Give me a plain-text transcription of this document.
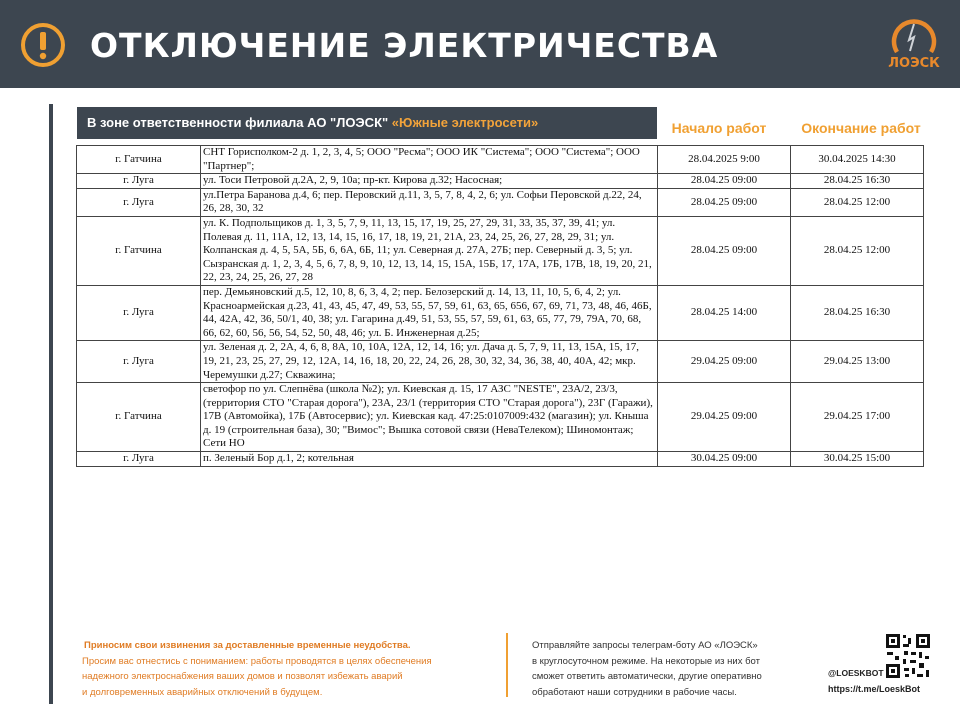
ОТКЛЮЧЕНИЕ ЭЛЕКТРИЧЕСТВА	ЛОЭСК
В зоне ответственности филиала АО "ЛОЭСК" «Южные электросети»	Начало работ	Окончание работ
г. Гатчина	СНТ Горисполком-2 д. 1, 2, 3, 4, 5; ООО "Ресма"; ООО ИК "Система"; ООО "Система"; ООО "Партнер";	28.04.2025 9:00	30.04.2025 14:30
г. Луга	ул. Тоси Петровой д.2А, 2, 9, 10а; пр-кт. Кирова д.32; Насосная;	28.04.25 09:00	28.04.25 16:30
г. Луга	ул.Петра Баранова д.4, 6; пер. Перовский д.11, 3, 5, 7, 8, 4, 2, 6; ул. Софьи Перовской д.22, 24, 26, 28, 30, 32	28.04.25 09:00	28.04.25 12:00
г. Гатчина	ул. К. Подпольщиков д. 1, 3, 5, 7, 9, 11, 13, 15, 17, 19, 25, 27, 29, 31, 33, 35, 37, 39, 41; ул. Полевая д. 11, 11А, 12, 13, 14, 15, 16, 17, 18, 19, 21, 21А, 23, 24, 25, 26, 27, 28, 29, 31; ул. Колпанская д. 4, 5, 5А, 5Б, 6, 6А, 6Б, 11; ул. Северная д. 27А, 27Б; пер. Северный д. 3, 5; ул. Сызранская д. 1, 2, 3, 4, 5, 6, 7, 8, 9, 10, 12, 13, 14, 15, 15А, 15Б, 17, 17А, 17Б, 17В, 18, 19, 20, 21, 22, 23, 24, 25, 26, 27, 28	28.04.25 09:00	28.04.25 12:00
г. Луга	пер. Демьяновский д.5, 12, 10, 8, 6, 3, 4, 2; пер. Белозерский д. 14, 13, 11, 10, 5, 6, 4, 2; ул. Красноармейская д.23, 41, 43, 45, 47, 49, 53, 55, 57, 59, 61, 63, 65, 656, 67, 69, 71, 73, 48, 46, 46Б, 44, 42А, 42, 36, 50/1, 40, 38; ул. Гагарина д.49, 51, 53, 55, 57, 59, 61, 63, 65, 77, 79, 79А, 70, 68, 66, 62, 60, 56, 56, 54, 52, 50, 48, 46; ул. Б. Инженерная д.25;	28.04.25 14:00	28.04.25 16:30
г. Луга	ул. Зеленая д. 2, 2А, 4, 6, 8, 8А, 10, 10А, 12А, 12, 14, 16; ул. Дача д. 5, 7, 9, 11, 13, 15А, 15, 17, 19, 21, 23, 25, 27, 29, 12, 12А, 14, 16, 18, 20, 22, 24, 26, 28, 30, 32, 34, 36, 38, 40, 40А, 42; мкр. Черемушки д.27; Скважина;	29.04.25 09:00	29.04.25 13:00
г. Гатчина	светофор по ул. Слепнёва (школа №2); ул. Киевская д. 15, 17 АЗС "NESTE", 23А/2, 23/3, (территория СТО "Старая дорога"), 23А, 23/1 (территория СТО "Старая дорога"), 23Г (Гаражи), 17В (Автомойка), 17Б (Автосервис); ул. Киевская кад. 47:25:0107009:432 (магазин); ул. Кныша д. 19 (строительная база), 30; "Вимос"; Вышка сотовой связи (НеваТелеком); Шиномонтаж; Сети НО	29.04.25 09:00	29.04.25 17:00
г. Луга	п. Зеленый Бор д.1, 2; котельная	30.04.25 09:00	30.04.25 15:00
Приносим свои извинения за доставленные временные неудобства.
Просим вас отнестись с пониманием: работы проводятся в целях обеспечения
надежного электроснабжения ваших домов и позволят избежать аварий
и долговременных аварийных отключений в будущем.
Отправляйте запросы телеграм-боту АО «ЛОЭСК»
в круглосуточном режиме. На некоторые из них бот
сможет ответить автоматически, другие оперативно
обработают наши сотрудники в рабочие часы.
@LOESKBOT
https://t.me/LoeskBot
